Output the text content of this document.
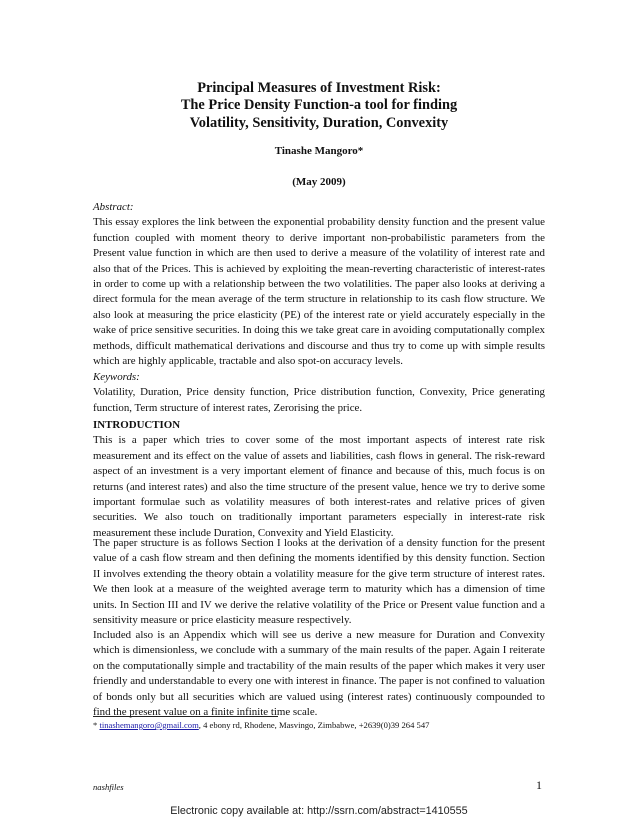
Principal Measures of Investment Risk:
The Price Density Function-a tool for finding
Volatility, Sensitivity, Duration, Convexity

Tinashe Mangoro*

(May 2009)

Abstract:
This essay explores the link between the exponential probability density function and the present value function coupled with moment theory to derive important non-probabilistic parameters from the Present value function in which are then used to derive a measure of the volatility of interest rate and also that of the Prices. This is achieved by exploiting the mean-reverting characteristic of interest-rates in order to come up with a relationship between the two volatilities. The paper also looks at deriving a direct formula for the mean average of the term structure in relationship to its cash flow structure. We also look at measuring the price elasticity (PE) of the interest rate or yield accurately especially in the wake of price sensitive securities. In doing this we take great care in avoiding computationally complex methods, difficult mathematical derivations and discourse and thus try to come up with simple results which are highly applicable, tractable and also spot-on accuracy levels.
Keywords:
Volatility, Duration, Price density function, Price distribution function, Convexity, Price generating function, Term structure of interest rates, Zerorising the price.
INTRODUCTION
This is a paper which tries to cover some of the most important aspects of interest rate risk measurement and its effect on the value of assets and liabilities, cash flows in general. The risk-reward aspect of an investment is a very important element of finance and because of this, much focus is on returns (and interest rates) and also the time structure of the present value, hence we try to derive some important formulae such as volatility measures of both interest-rates and relative prices of given securities. We also touch on traditionally important parameters especially in interest-rate risk measurement these include Duration, Convexity and Yield Elasticity.

The paper structure is as follows Section I looks at the derivation of a density function for the present value of a cash flow stream and then defining the moments identified by this density function. Section II involves extending the theory obtain a volatility measure for the give term structure of interest rates. We then look at a measure of the weighted average term to maturity which has a dimension of time units. In Section III and IV we derive the relative volatility of the Price or Present value function and a sensitivity measure or price elasticity measure respectively.

Included also is an Appendix which will see us derive a new measure for Duration and Convexity which is dimensionless, we conclude with a summary of the main results of the paper. Again I reiterate on the computationally simple and tractability of the main results of the paper which makes it very user friendly and understandable to every one with interest in finance. The paper is not confined to valuation of bonds only but all securities which are valued using (interest rates) continuously compounded to find the present value on a finite infinite time scale.

* tinashemangoro@gmail.com, 4 ebony rd, Rhodene, Masvingo, Zimbabwe, +2639(0)39 264 547

nashfiles	1

Electronic copy available at: http://ssrn.com/abstract=1410555
